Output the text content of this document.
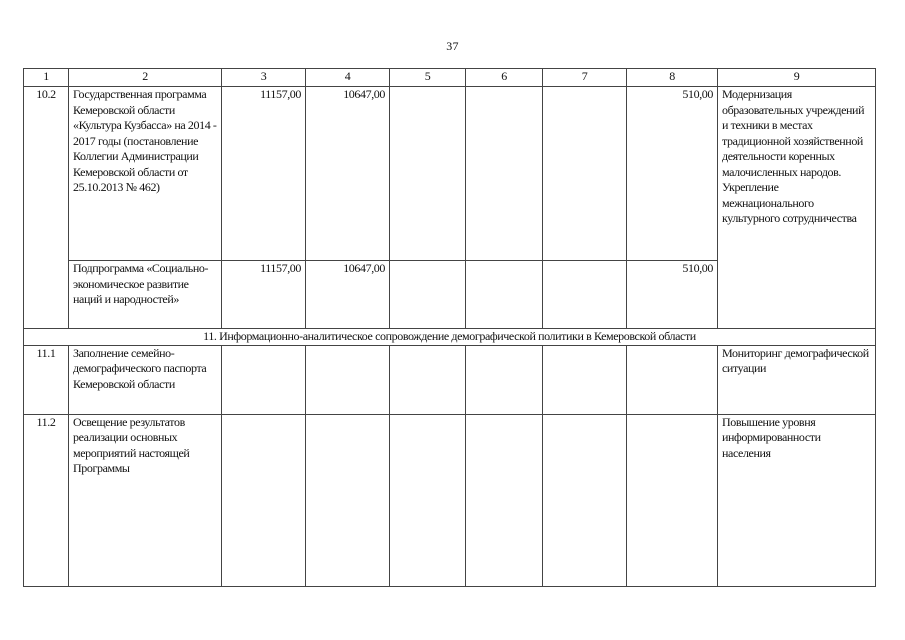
37
1	2	3	4	5	6	7	8	9
10.2	Государственная программа Кемеровской области «Культура Кузбасса» на 2014 - 2017 годы (постановление Коллегии Администрации Кемеровской области от 25.10.2013 № 462)	11157,00	10647,00				510,00	Модернизация образовательных учреждений и техники в местах традиционной хозяйственной деятельности коренных малочисленных народов. Укрепление межнационального культурного сотрудничества
	Подпрограмма «Социально-экономическое развитие наций и народностей»	11157,00	10647,00				510,00	
11. Информационно-аналитическое сопровождение демографической политики в Кемеровской области								
11.1	Заполнение семейно-демографического паспорта Кемеровской области							Мониторинг демографической ситуации
11.2	Освещение результатов реализации основных мероприятий настоящей Программы							Повышение уровня информированности населения
